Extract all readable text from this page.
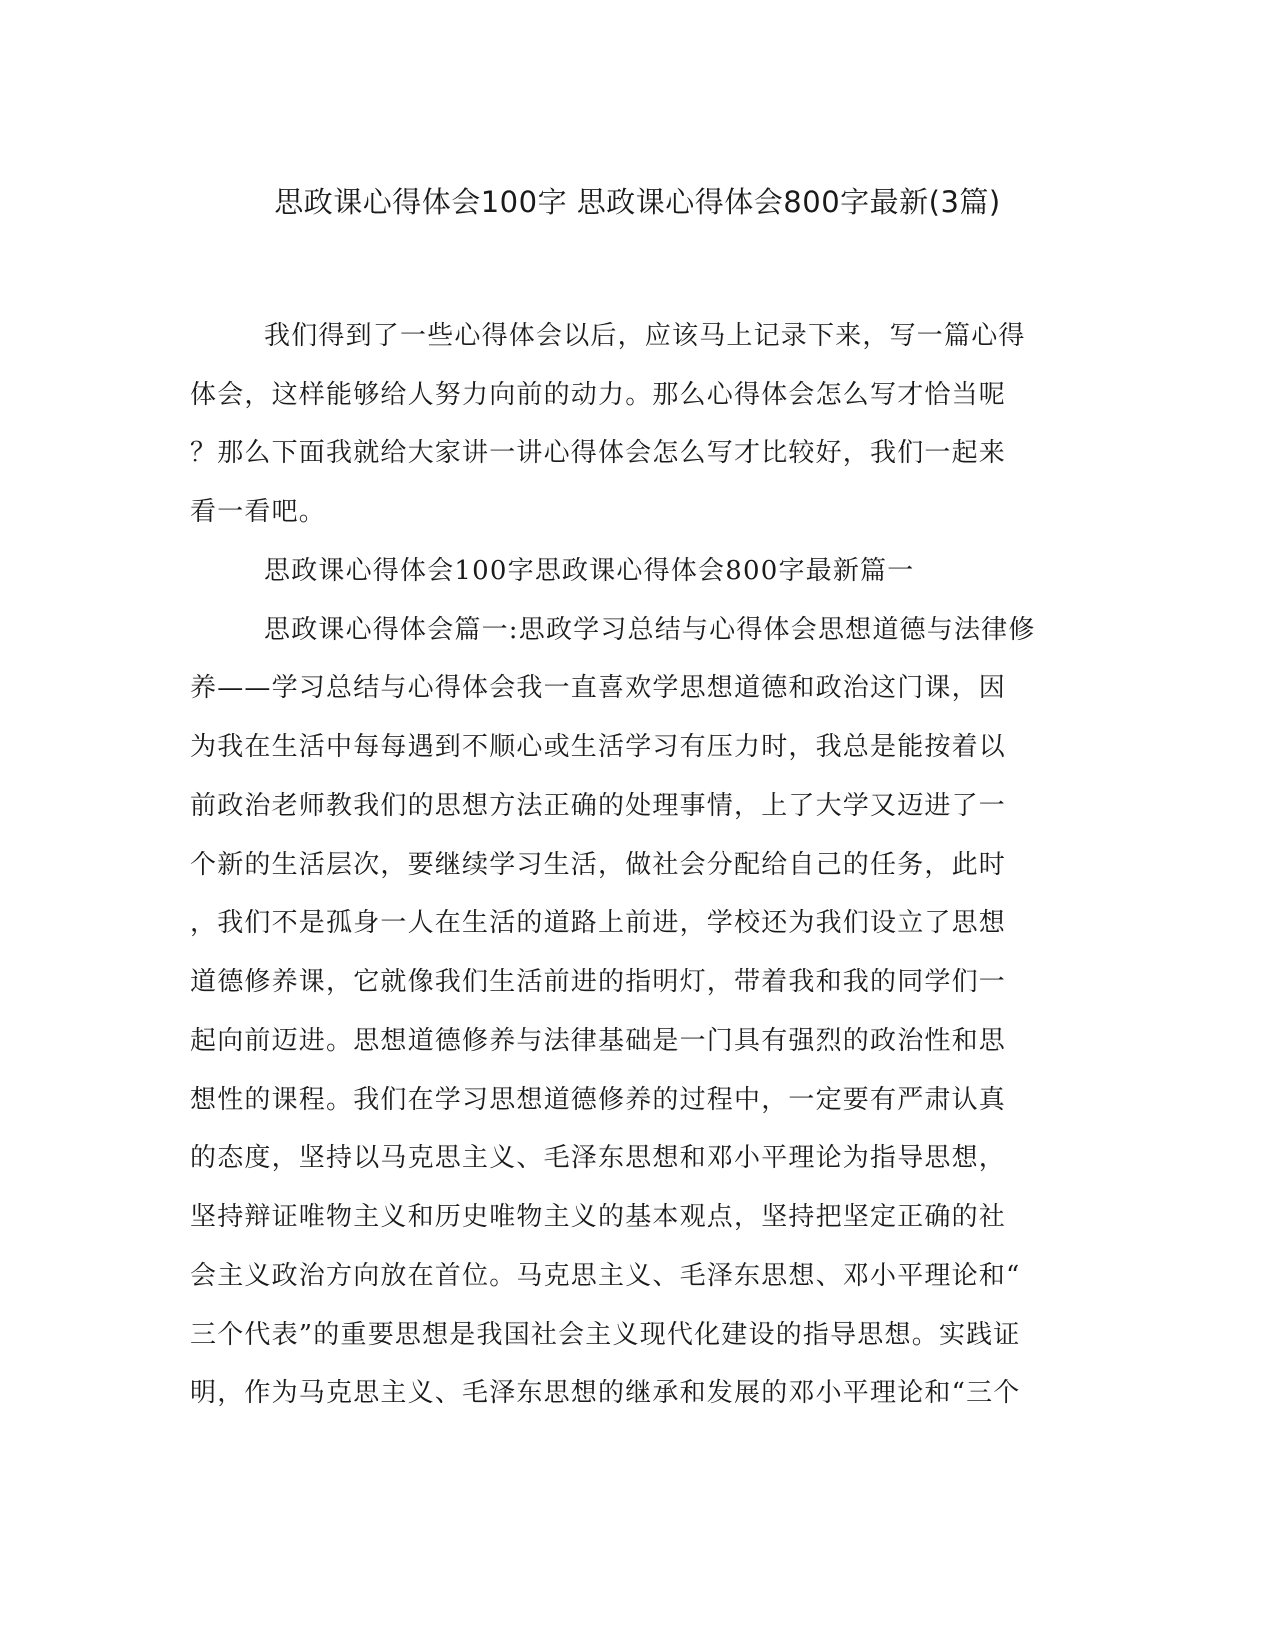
思政课心得体会100字 思政课心得体会800字最新(3篇)
我们得到了一些心得体会以后，应该马上记录下来，写一篇心得
体会，这样能够给人努力向前的动力。那么心得体会怎么写才恰当呢
？那么下面我就给大家讲一讲心得体会怎么写才比较好，我们一起来
看一看吧。
思政课心得体会100字思政课心得体会800字最新篇一
思政课心得体会篇一:思政学习总结与心得体会思想道德与法律修
养——学习总结与心得体会我一直喜欢学思想道德和政治这门课，因
为我在生活中每每遇到不顺心或生活学习有压力时，我总是能按着以
前政治老师教我们的思想方法正确的处理事情，上了大学又迈进了一
个新的生活层次，要继续学习生活，做社会分配给自己的任务，此时
，我们不是孤身一人在生活的道路上前进，学校还为我们设立了思想
道德修养课，它就像我们生活前进的指明灯，带着我和我的同学们一
起向前迈进。思想道德修养与法律基础是一门具有强烈的政治性和思
想性的课程。我们在学习思想道德修养的过程中，一定要有严肃认真
的态度，坚持以马克思主义、毛泽东思想和邓小平理论为指导思想，
坚持辩证唯物主义和历史唯物主义的基本观点，坚持把坚定正确的社
会主义政治方向放在首位。马克思主义、毛泽东思想、邓小平理论和“
三个代表”的重要思想是我国社会主义现代化建设的指导思想。实践证
明，作为马克思主义、毛泽东思想的继承和发展的邓小平理论和“三个
